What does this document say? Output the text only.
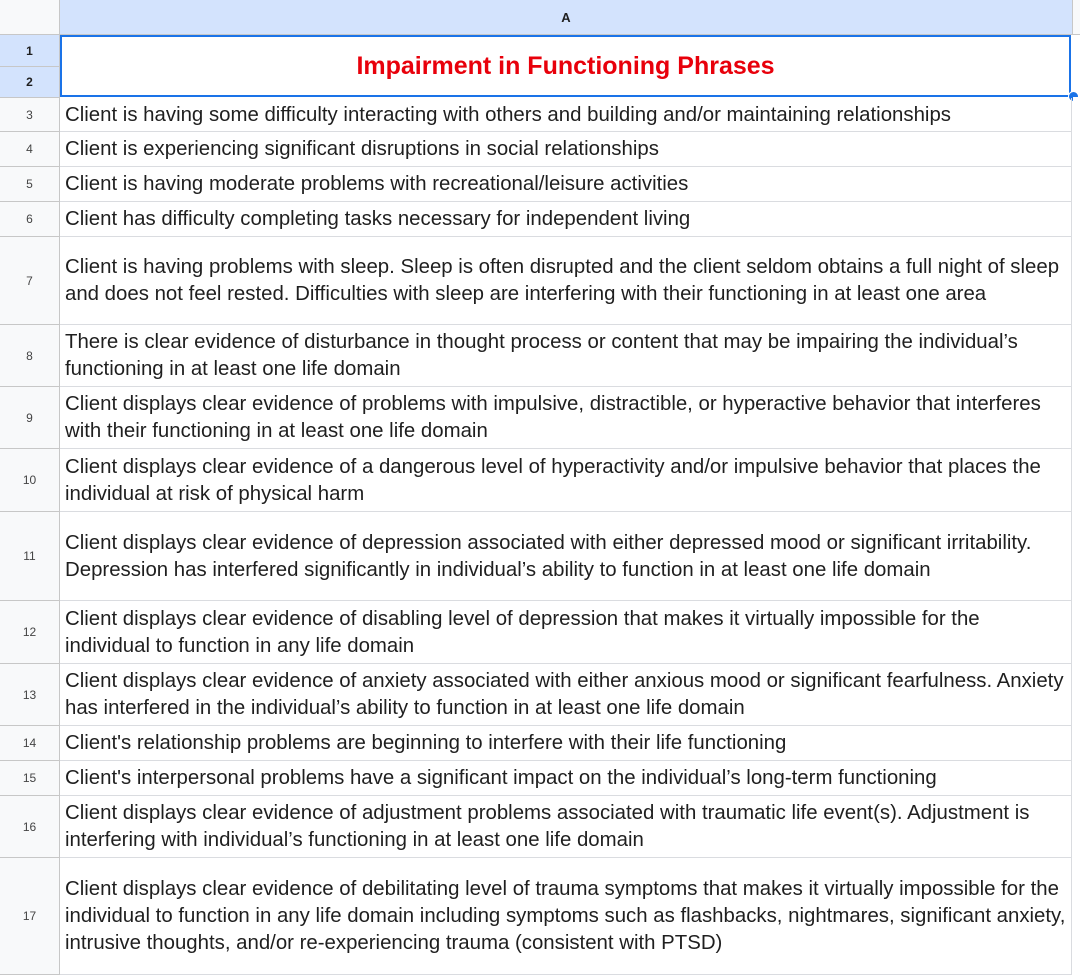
A
1
2
3
4
5
6
7
8
9
10
11
12
13
14
15
16
17
Impairment in Functioning Phrases
Client is having some difficulty interacting with others and building and/or maintaining relationships
Client is experiencing significant disruptions in social relationships
Client is having moderate problems with recreational/leisure activities
Client has difficulty completing tasks necessary for independent living
Client is having problems with sleep. Sleep is often disrupted and the client seldom obtains a full night of sleep and does not feel rested. Difficulties with sleep are interfering with their functioning in at least one area
There is clear evidence of disturbance in thought process or content that may be impairing the individual’s functioning in at least one life domain
Client displays clear evidence of problems with impulsive, distractible, or hyperactive behavior that interferes with their functioning in at least one life domain
Client displays clear evidence of a dangerous level of hyperactivity and/or impulsive behavior that places the individual at risk of physical harm
Client displays clear evidence of depression associated with either depressed mood or significant irritability. Depression has interfered significantly in individual’s ability to function in at least one life domain
Client displays clear evidence of disabling level of depression that makes it virtually impossible for the individual to function in any life domain
Client displays clear evidence of anxiety associated with either anxious mood or significant fearfulness. Anxiety has interfered in the individual’s ability to function in at least one life domain
Client's relationship problems are beginning to interfere with their life functioning
Client's interpersonal problems have a significant impact on the individual’s long-term functioning
Client displays clear evidence of adjustment problems associated with traumatic life event(s). Adjustment is interfering with individual’s functioning in at least one life domain
Client displays clear evidence of debilitating level of trauma symptoms that makes it virtually impossible for the individual to function in any life domain including symptoms such as flashbacks, nightmares, significant anxiety, intrusive thoughts, and/or re-experiencing trauma (consistent with PTSD)
